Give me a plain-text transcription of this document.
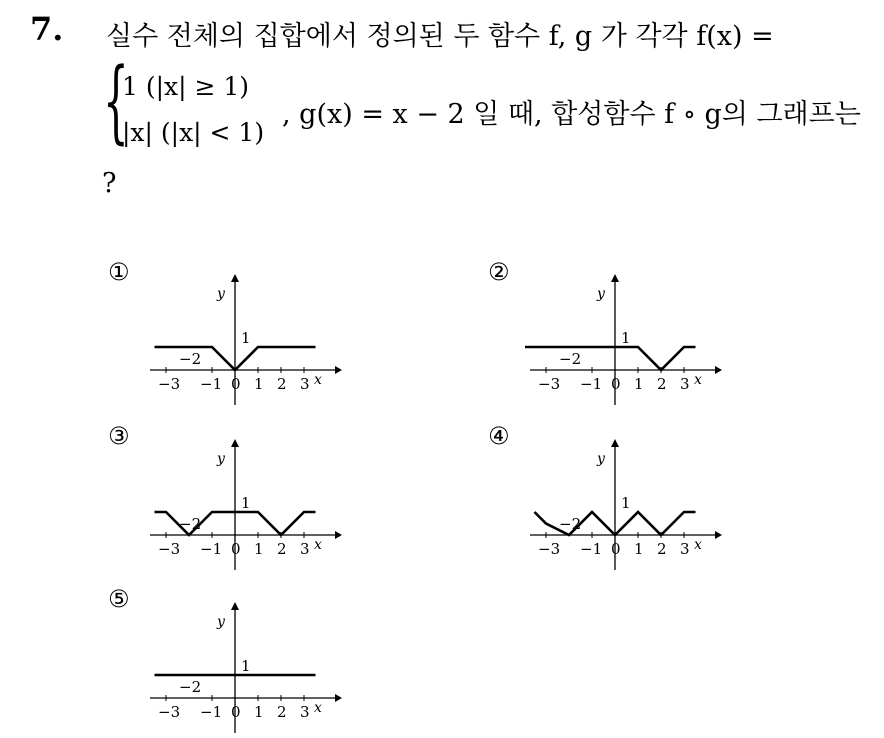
7. 실수 전체의 집합에서 정의된 두 함수 f, g 가 각각 f(x) =
{
1 (|x| ≥ 1)
|x| (|x| < 1)
, g(x) = x − 2 일 때, 합성함수 f ∘ g의 그래프는
?
①	②
③	④
⑤
y
x
−3 −1 0 1 2 3
−2
1
y
x
−3 −1 0 1 2 3
−2
1
y
x
−3 −1 0 1 2 3
−2
1
y
x
−3 −1 0 1 2 3
−2
1
y
x
−3 −1 0 1 2 3
−2
1
